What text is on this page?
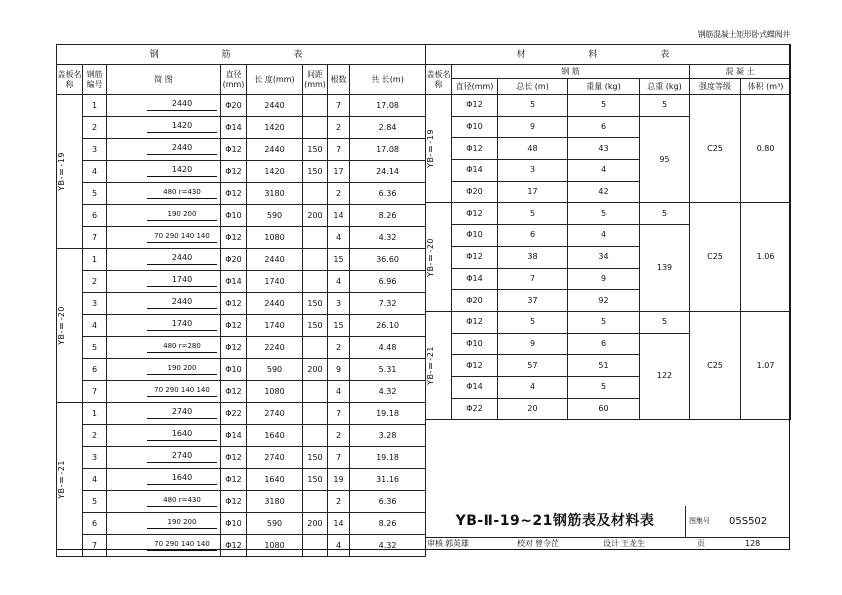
钢筋混凝土矩形卧式蝶阀井
钢 筋 表							
盖板名称	钢筋编号	简 图	直径(mm)	长 度(mm)	间距(mm)	根数	共 长(m)

YB-Ⅱ-19	1	2440	Φ20	2440		7	17.08
	2	1420	Φ14	1420		2	2.84
	3	2440	Φ12	2440	150	7	17.08
	4	1420	Φ12	1420	150	17	24.14
	5	480 r=430	Φ12	3180		2	6.36
	6	190 200	Φ10	590	200	14	8.26
	7	70 290 140 140	Φ12	1080		4	4.32

YB-Ⅱ-20	1	2440	Φ20	2440		15	36.60
	2	1740	Φ14	1740		4	6.96
	3	2440	Φ12	2440	150	3	7.32
	4	1740	Φ12	1740	150	15	26.10
	5	480 r=280	Φ12	2240		2	4.48
	6	190 200	Φ10	590	200	9	5.31
	7	70 290 140 140	Φ12	1080		4	4.32

YB-Ⅱ-21	1	2740	Φ22	2740		7	19.18
	2	1640	Φ14	1640		2	3.28
	3	2740	Φ12	2740	150	7	19.18
	4	1640	Φ12	1640	150	19	31.16
	5	480 r=430	Φ12	3180		2	6.36
	6	190 200	Φ10	590	200	14	8.26
	7	70 290 140 140	Φ12	1080		4	4.32
材 料 表						
盖板名称	钢 筋				混 凝 土	
	直径(mm)	总长 (m)	重量 (kg)	总重 (kg)	强度等级	体积 (m³)

YB-Ⅱ-19	Φ12	5	5	5	C25	0.80
	Φ10	9	6	95		
	Φ12	48	43			
	Φ14	3	4			
	Φ20	17	42			

YB-Ⅱ-20	Φ12	5	5	5	C25	1.06
	Φ10	6	4	139		
	Φ12	38	34			
	Φ14	7	9			
	Φ20	37	92			

YB-Ⅱ-21	Φ12	5	5	5	C25	1.07
	Φ10	9	6	122		
	Φ12	57	51			
	Φ14	4	5			
	Φ22	20	60			
YB-Ⅱ-19~21钢筋表及材料表	图集号 05S502
审核 郭英雄	校对 曾令茳	设计 王龙生	页	128
